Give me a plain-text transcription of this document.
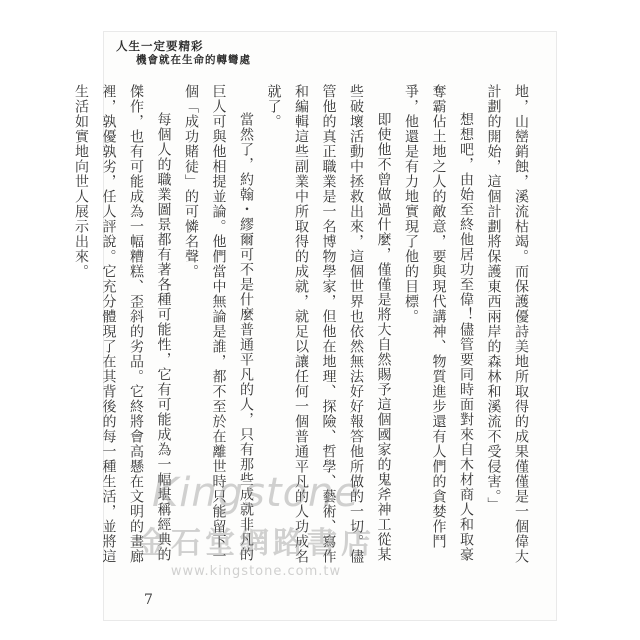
人生一定要精彩
機會就在生命的轉彎處

地，山巒銷蝕，溪流枯竭。而保護優詩美地所取得的成果僅僅是一個偉大計劃的開始，這個計劃將保護東西兩岸的森林和溪流不受侵害。」

想想吧，由始至終他居功至偉！儘管要同時面對來自木材商人和取豪奪霸佔土地之人的敵意，要與現代講神、物質進步還有人們的貪婪作鬥爭，他還是有力地實現了他的目標。

即使他不曾做過什麼，僅僅是將大自然賜予這個國家的鬼斧神工從某些破壞活動中拯救出來，這個世界也依然無法好好報答他所做的一切。儘管他的真正職業是一名博物學家，但他在地理、探險、哲學、藝術、寫作和編輯這些副業中所取得的成就，就足以讓任何一個普通平凡的人功成名就了。

當然了，約翰・繆爾可不是什麼普通平凡的人，只有那些成就非凡的巨人可與他相提並論。他們當中無論是誰，都不至於在離世時只能留下一個「成功賭徒」的可憐名聲。

每個人的職業圖景都有著各種可能性，它有可能成為一幅堪稱經典的傑作，也有可能成為一幅糟糕、歪斜的劣品。它終將會高懸在文明的畫廊裡，孰優孰劣，任人評說。它充分體現了在其背後的每一種生活，並將這生活如實地向世人展示出來。

7
Kingstone
金石堂網路書店
www.kingstone.com.tw
